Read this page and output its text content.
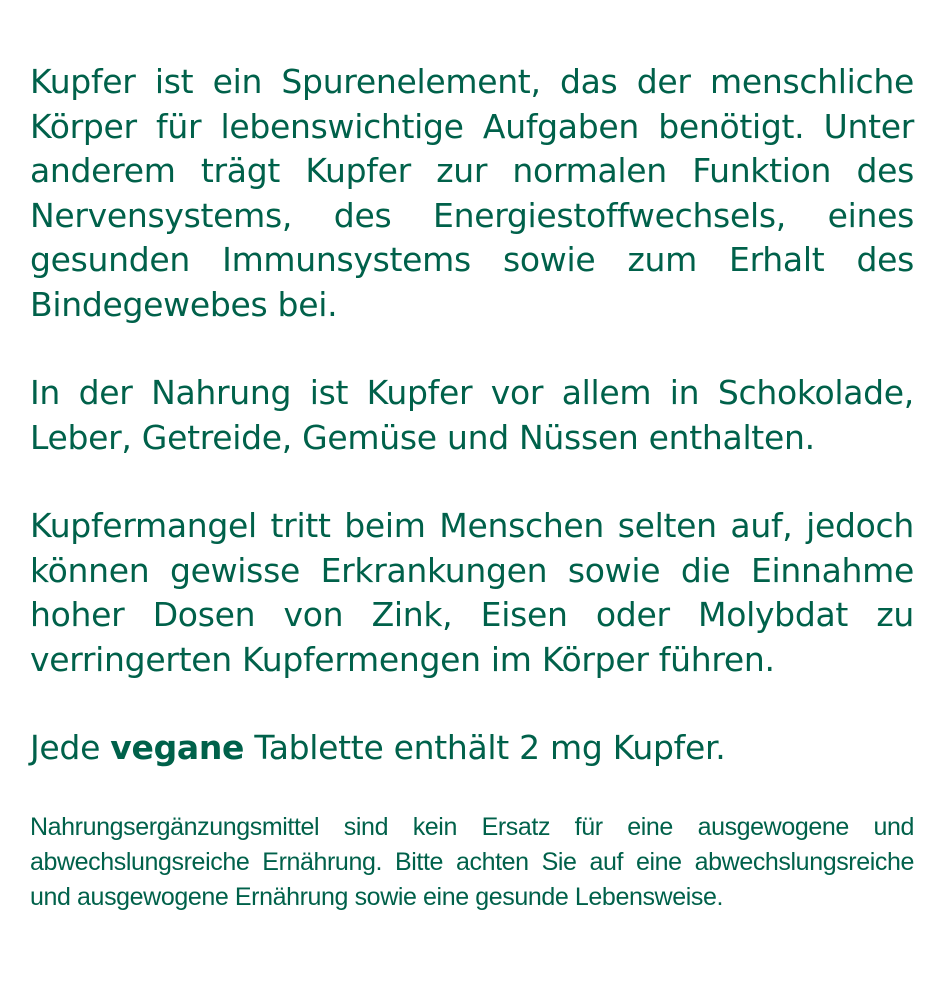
Kupfer ist ein Spurenelement, das der menschliche Körper für lebenswichtige Aufgaben benötigt. Unter anderem trägt Kupfer zur normalen Funktion des Nervensystems, des Energiestoffwechsels, eines gesunden Immunsystems sowie zum Erhalt des Bindegewebes bei.

In der Nahrung ist Kupfer vor allem in Schokolade, Leber, Getreide, Gemüse und Nüssen enthalten.

Kupfermangel tritt beim Menschen selten auf, jedoch können gewisse Erkrankungen sowie die Einnahme hoher Dosen von Zink, Eisen oder Molybdat zu verringerten Kupfermengen im Körper führen.

Jede vegane Tablette enthält 2 mg Kupfer.

Nahrungsergänzungsmittel sind kein Ersatz für eine ausgewogene und abwechslungsreiche Ernährung. Bitte achten Sie auf eine abwechslungsreiche und ausgewogene Ernährung sowie eine gesunde Lebensweise.
